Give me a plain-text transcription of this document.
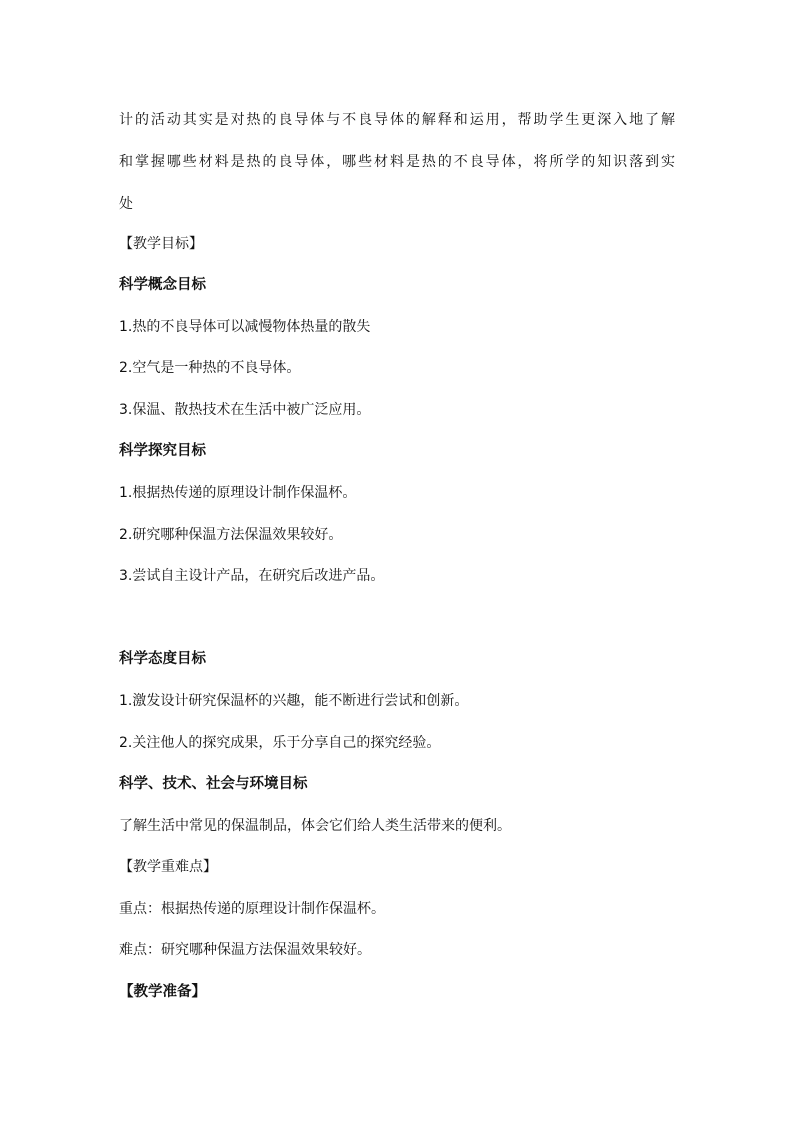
计的活动其实是对热的良导体与不良导体的解释和运用，帮助学生更深入地了解
和掌握哪些材料是热的良导体，哪些材料是热的不良导体，将所学的知识落到实
处
【教学目标】
科学概念目标
1.热的不良导体可以减慢物体热量的散失
2.空气是一种热的不良导体。
3.保温、散热技术在生活中被广泛应用。
科学探究目标
1.根据热传递的原理设计制作保温杯。
2.研究哪种保温方法保温效果较好。
3.尝试自主设计产品，在研究后改进产品。
科学态度目标
1.激发设计研究保温杯的兴趣，能不断进行尝试和创新。
2.关注他人的探究成果，乐于分享自己的探究经验。
科学、技术、社会与环境目标
了解生活中常见的保温制品，体会它们给人类生活带来的便利。
【教学重难点】
重点：根据热传递的原理设计制作保温杯。
难点：研究哪种保温方法保温效果较好。
【教学准备】
